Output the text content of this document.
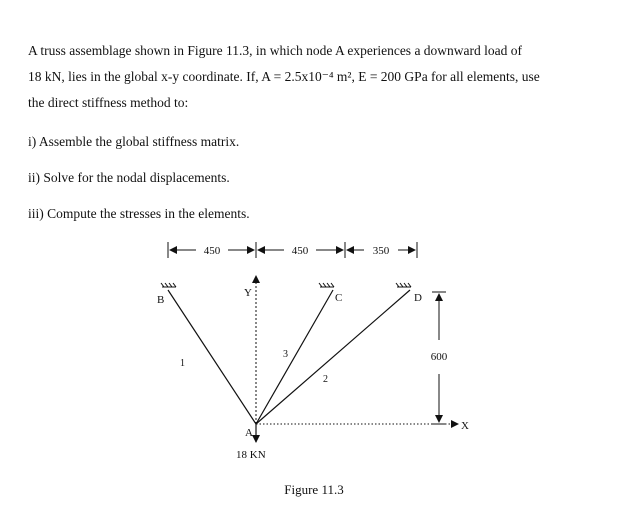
A truss assemblage shown in Figure 11.3, in which node A experiences a downward load of
18 kN, lies in the global x-y coordinate. If, A = 2.5x10⁻⁴ m², E = 200 GPa for all elements, use
the direct stiffness method to:
i) Assemble the global stiffness matrix.
ii) Solve for the nodal displacements.
iii) Compute the stresses in the elements.
450	450	350
600
B	C	D
A
Y
X
1
2
3
18 KN
Figure 11.3
